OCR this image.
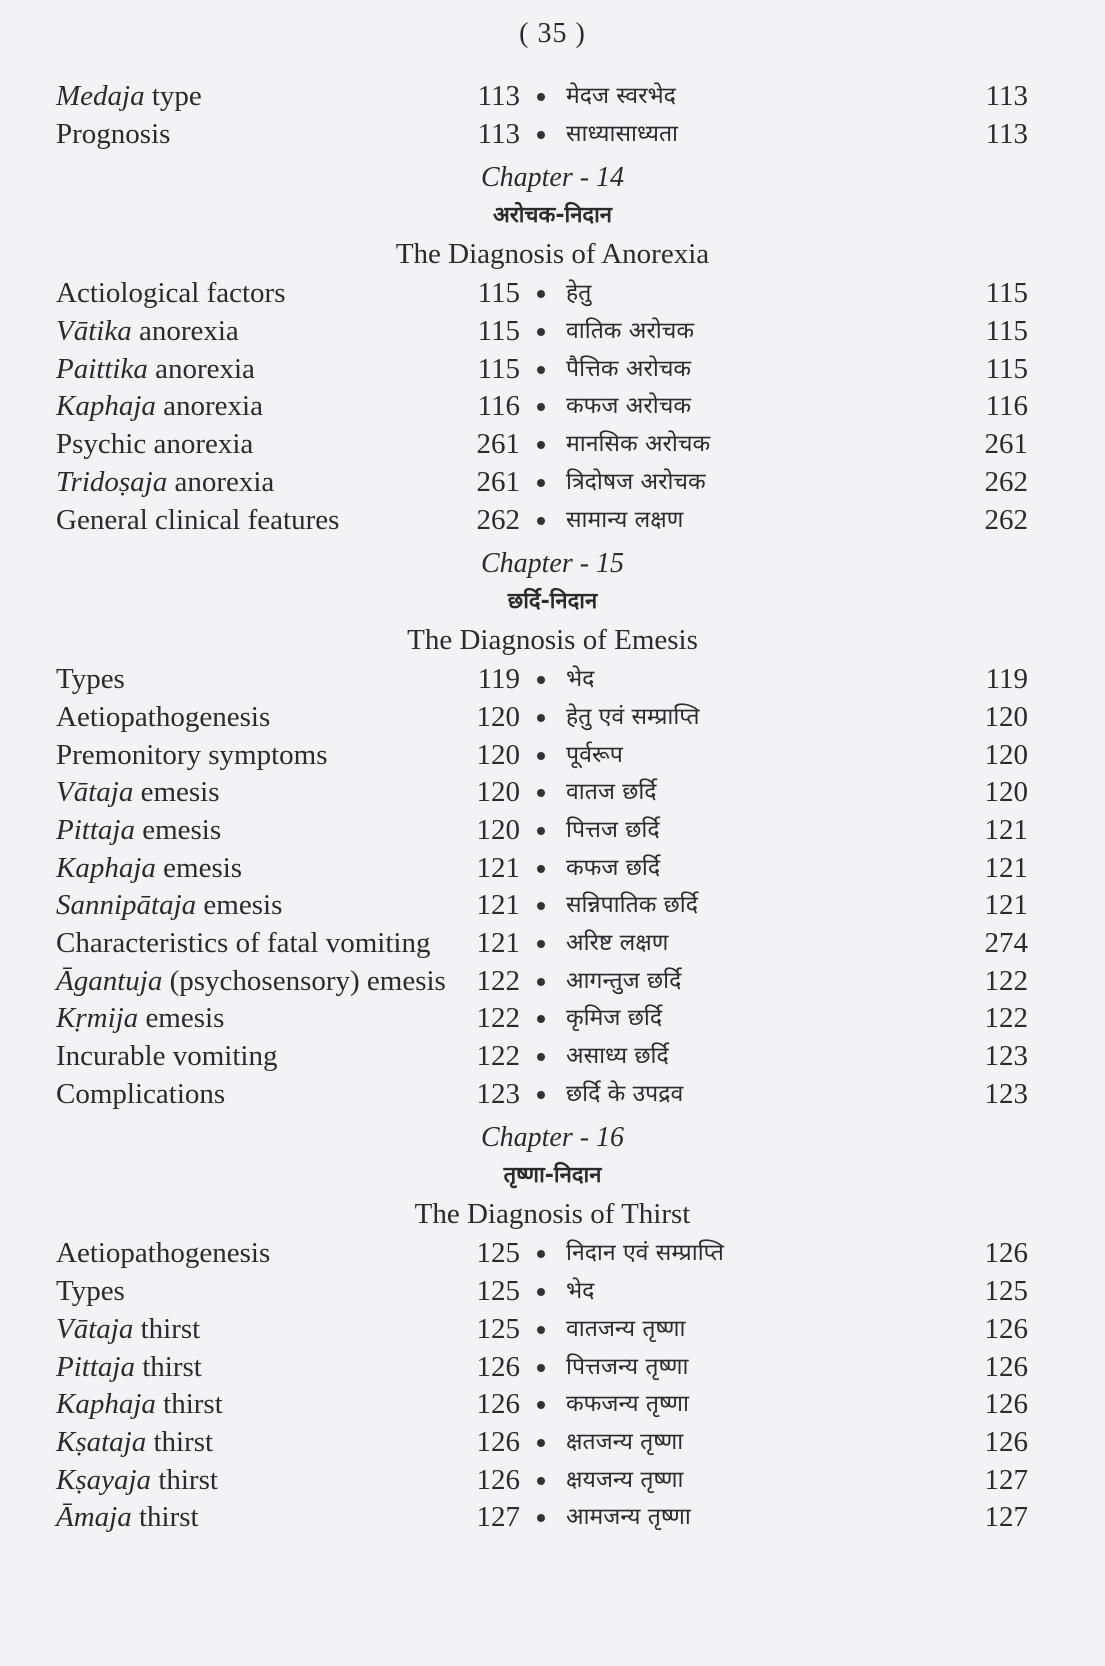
( 35 )
Medaja type	113 मेदज स्वरभेद	113
Prognosis	113 साध्यासाध्यता	113
Chapter - 14
अरोचक-निदान
The Diagnosis of Anorexia
Actiological factors	115 हेतु	115
Vātika anorexia	115 वातिक अरोचक	115
Paittika anorexia	115 पैत्तिक अरोचक	115
Kaphaja anorexia	116 कफज अरोचक	116
Psychic anorexia	261 मानसिक अरोचक	261
Tridoṣaja anorexia	261 त्रिदोषज अरोचक	262
General clinical features	262 सामान्य लक्षण	262
Chapter - 15
छर्दि-निदान
The Diagnosis of Emesis
Types	119 भेद	119
Aetiopathogenesis	120 हेतु एवं सम्प्राप्ति	120
Premonitory symptoms	120 पूर्वरूप	120
Vātaja emesis	120 वातज छर्दि	120
Pittaja emesis	120 पित्तज छर्दि	121
Kaphaja emesis	121 कफज छर्दि	121
Sannipātaja emesis	121 सन्निपातिक छर्दि	121
Characteristics of fatal vomiting	121 अरिष्ट लक्षण	274
Āgantuja (psychosensory) emesis	122 आगन्तुज छर्दि	122
Kṛmija emesis	122 कृमिज छर्दि	122
Incurable vomiting	122 असाध्य छर्दि	123
Complications	123 छर्दि के उपद्रव	123
Chapter - 16
तृष्णा-निदान
The Diagnosis of Thirst
Aetiopathogenesis	125 निदान एवं सम्प्राप्ति	126
Types	125 भेद	125
Vātaja thirst	125 वातजन्य तृष्णा	126
Pittaja thirst	126 पित्तजन्य तृष्णा	126
Kaphaja thirst	126 कफजन्य तृष्णा	126
Kṣataja thirst	126 क्षतजन्य तृष्णा	126
Kṣayaja thirst	126 क्षयजन्य तृष्णा	127
Āmaja thirst	127 आमजन्य तृष्णा	127
